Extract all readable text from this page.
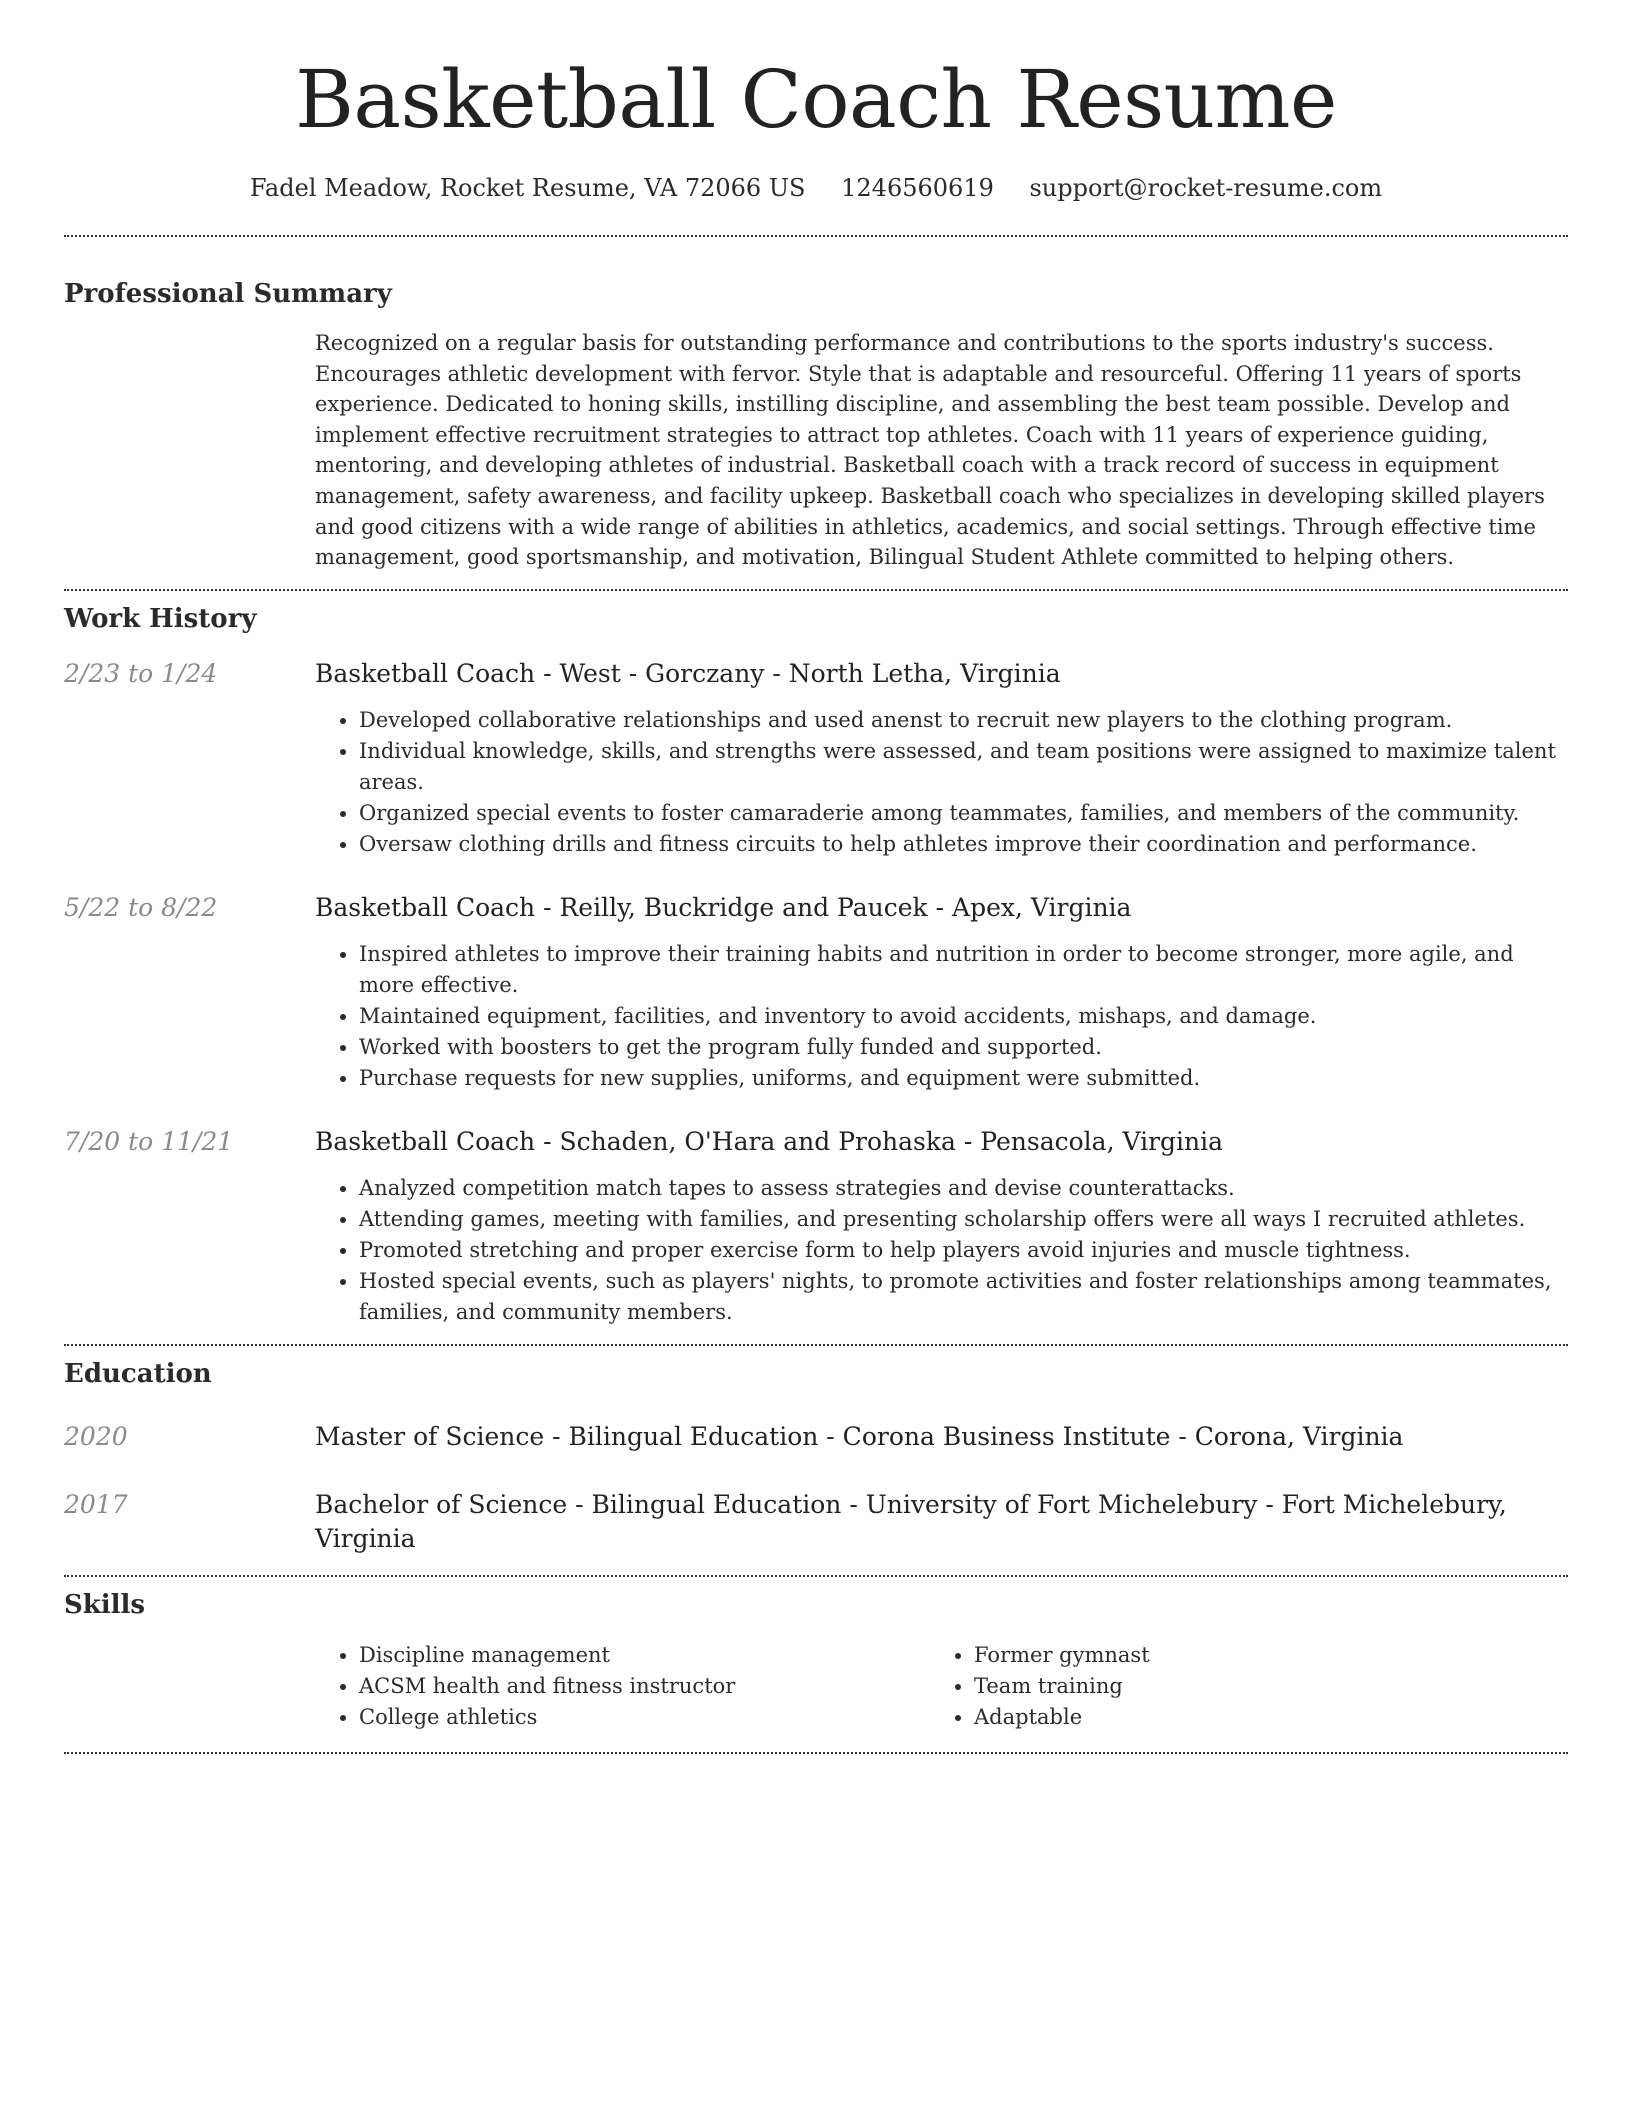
Basketball Coach Resume
Fadel Meadow, Rocket Resume, VA 72066 US 1246560619 support@rocket-resume.com
Professional Summary
Recognized on a regular basis for outstanding performance and contributions to the sports industry's success. Encourages athletic development with fervor. Style that is adaptable and resourceful. Offering 11 years of sports experience. Dedicated to honing skills, instilling discipline, and assembling the best team possible. Develop and implement effective recruitment strategies to attract top athletes. Coach with 11 years of experience guiding, mentoring, and developing athletes of industrial. Basketball coach with a track record of success in equipment management, safety awareness, and facility upkeep. Basketball coach who specializes in developing skilled players and good citizens with a wide range of abilities in athletics, academics, and social settings. Through effective time management, good sportsmanship, and motivation, Bilingual Student Athlete committed to helping others.
Work History
2/23 to 1/24	Basketball Coach - West - Gorczany - North Letha, Virginia
• Developed collaborative relationships and used anenst to recruit new players to the clothing program.
• Individual knowledge, skills, and strengths were assessed, and team positions were assigned to maximize talent areas.
• Organized special events to foster camaraderie among teammates, families, and members of the community.
• Oversaw clothing drills and fitness circuits to help athletes improve their coordination and performance.
5/22 to 8/22	Basketball Coach - Reilly, Buckridge and Paucek - Apex, Virginia
• Inspired athletes to improve their training habits and nutrition in order to become stronger, more agile, and more effective.
• Maintained equipment, facilities, and inventory to avoid accidents, mishaps, and damage.
• Worked with boosters to get the program fully funded and supported.
• Purchase requests for new supplies, uniforms, and equipment were submitted.
7/20 to 11/21	Basketball Coach - Schaden, O'Hara and Prohaska - Pensacola, Virginia
• Analyzed competition match tapes to assess strategies and devise counterattacks.
• Attending games, meeting with families, and presenting scholarship offers were all ways I recruited athletes.
• Promoted stretching and proper exercise form to help players avoid injuries and muscle tightness.
• Hosted special events, such as players' nights, to promote activities and foster relationships among teammates, families, and community members.
Education
2020	Master of Science - Bilingual Education - Corona Business Institute - Corona, Virginia
2017	Bachelor of Science - Bilingual Education - University of Fort Michelebury - Fort Michelebury, Virginia
Skills
• Discipline management
• ACSM health and fitness instructor
• College athletics
• Former gymnast
• Team training
• Adaptable
